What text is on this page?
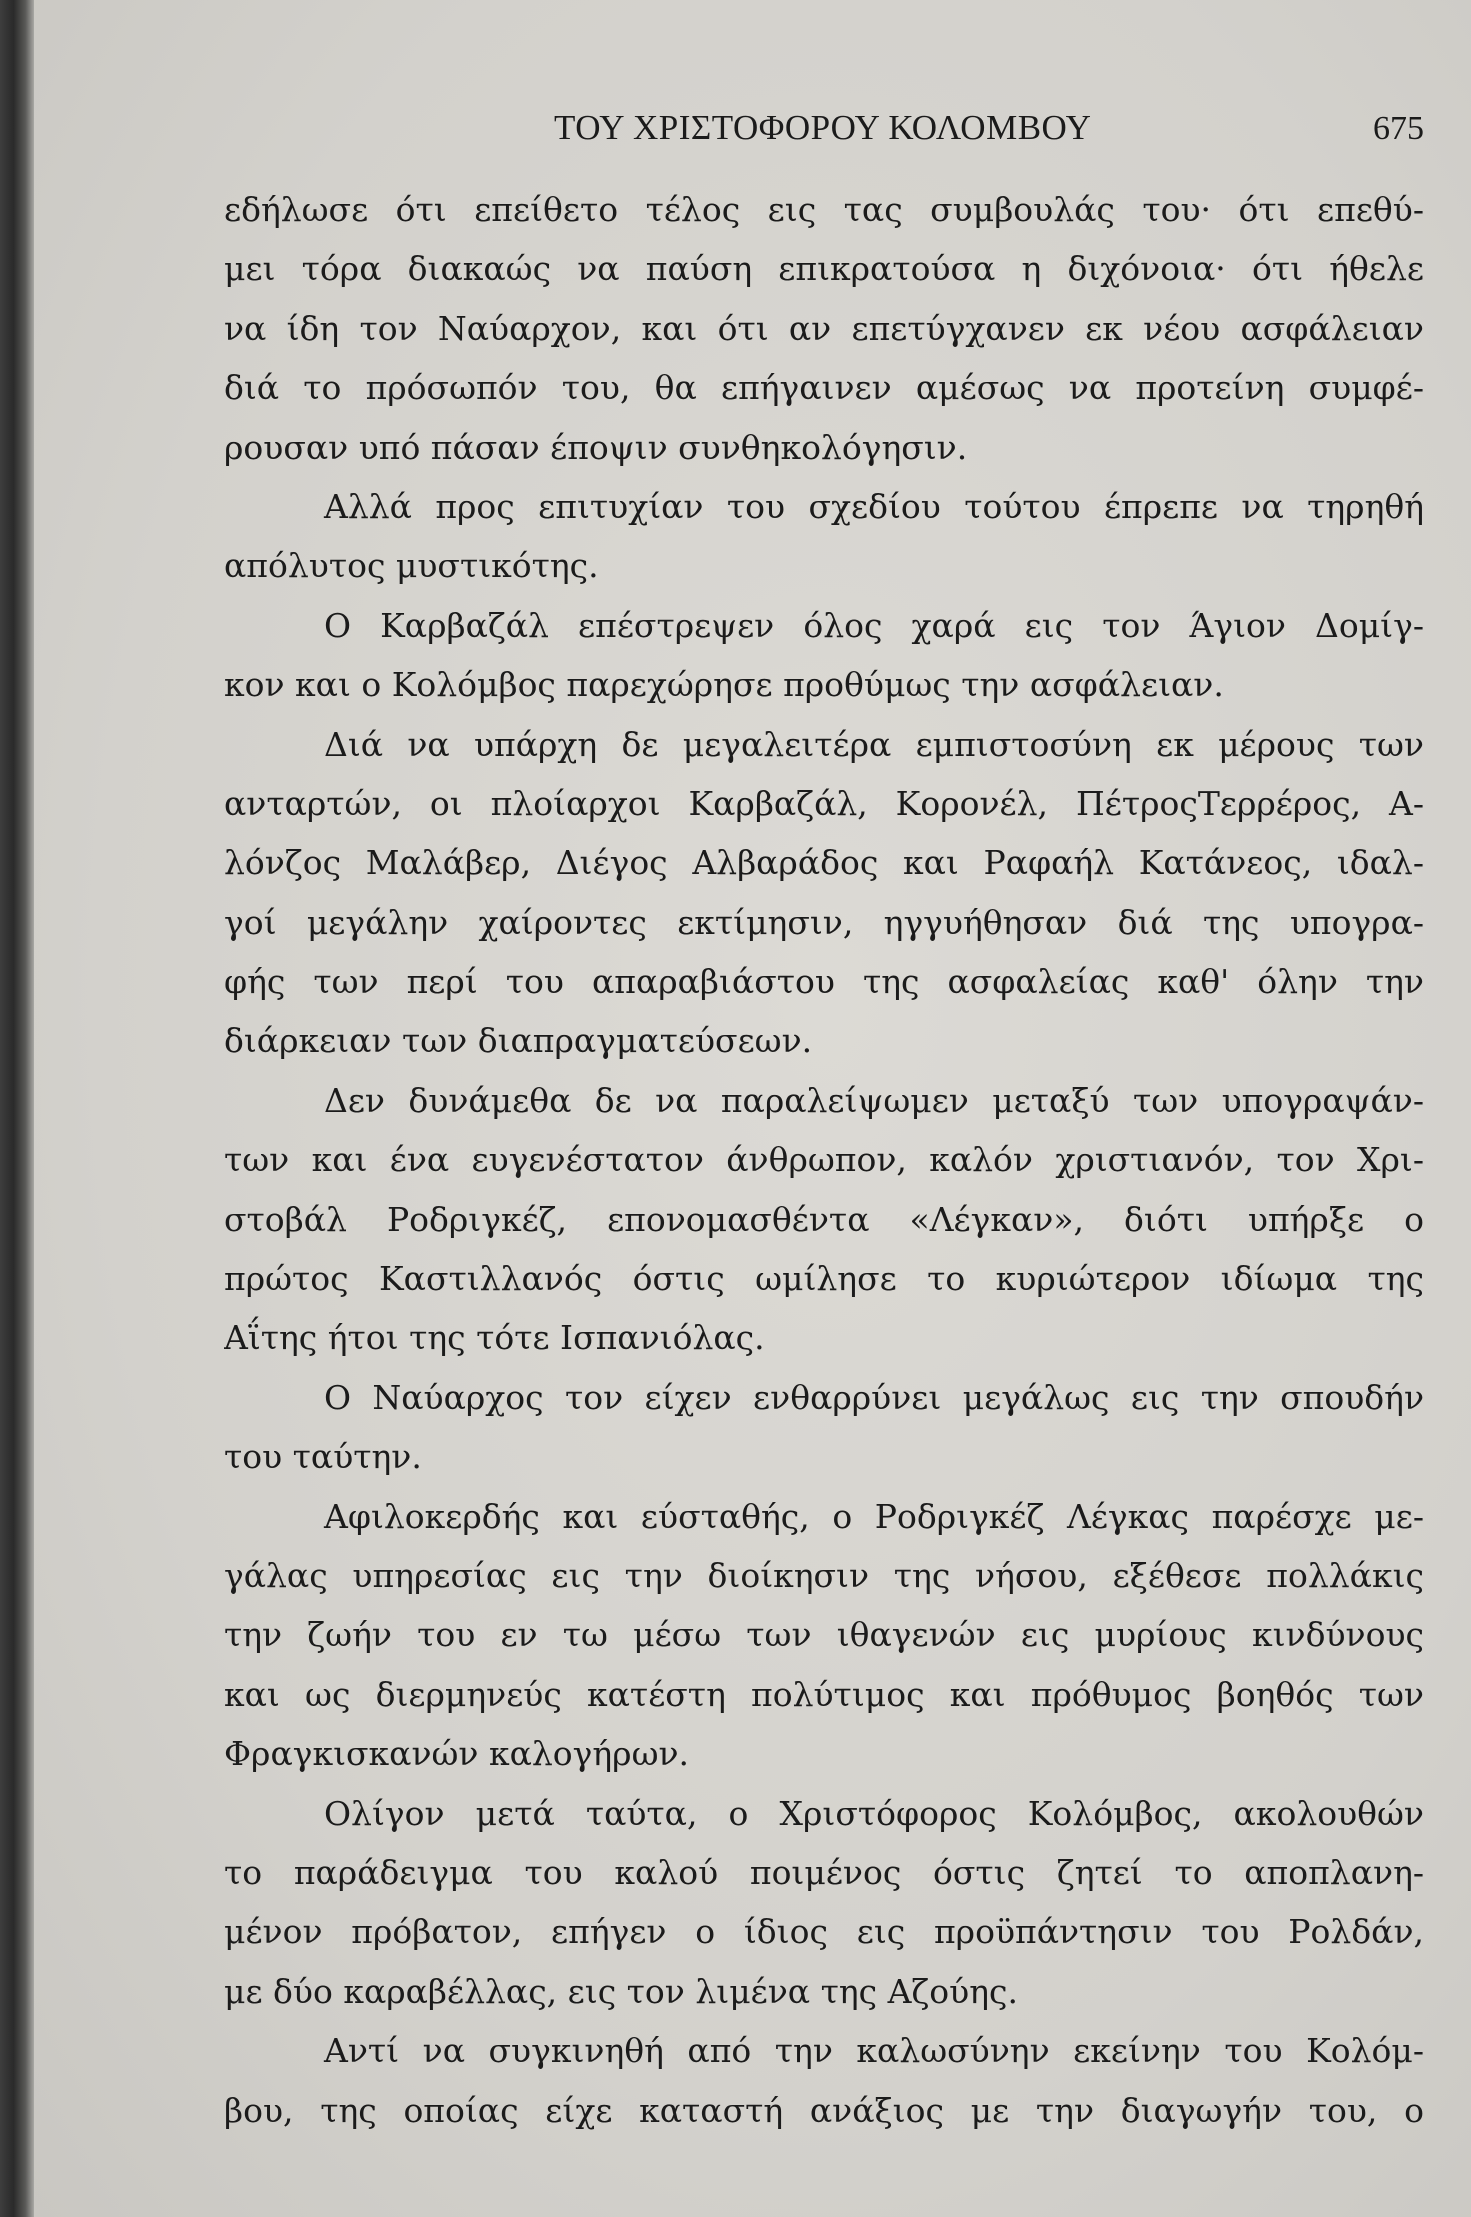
ΤΟΥ ΧΡΙΣΤΟΦΟΡΟΥ ΚΟΛΟΜΒΟΥ	675
εδήλωσε ότι επείθετο τέλος εις τας συμβουλάς του· ότι επεθύ-
μει τόρα διακαώς να παύση επικρατούσα η διχόνοια· ότι ήθελε
να ίδη τον Ναύαρχον, και ότι αν επετύγχανεν εκ νέου ασφάλειαν
διά το πρόσωπόν του, θα επήγαινεν αμέσως να προτείνη συμφέ-
ρουσαν υπό πάσαν έποψιν συνθηκολόγησιν.
Αλλά προς επιτυχίαν του σχεδίου τούτου έπρεπε να τηρηθή
απόλυτος μυστικότης.
Ο Καρβαζάλ επέστρεψεν όλος χαρά εις τον Άγιον Δομίγ-
κον και ο Κολόμβος παρεχώρησε προθύμως την ασφάλειαν.
Διά να υπάρχη δε μεγαλειτέρα εμπιστοσύνη εκ μέρους των
ανταρτών, οι πλοίαρχοι Καρβαζάλ, Κορονέλ, ΠέτροςΤερρέρος, Α-
λόνζος Μαλάβερ, Διέγος Αλβαράδος και Ραφαήλ Κατάνεος, ιδαλ-
γοί μεγάλην χαίροντες εκτίμησιν, ηγγυήθησαν διά της υπογρα-
φής των περί του απαραβιάστου της ασφαλείας καθ' όλην την
διάρκειαν των διαπραγματεύσεων.
Δεν δυνάμεθα δε να παραλείψωμεν μεταξύ των υπογραψάν-
των και ένα ευγενέστατον άνθρωπον, καλόν χριστιανόν, τον Χρι-
στοβάλ Ροδριγκέζ, επονομασθέντα «Λέγκαν», διότι υπήρξε ο
πρώτος Καστιλλανός όστις ωμίλησε το κυριώτερον ιδίωμα της
Αΐτης ήτοι της τότε Ισπανιόλας.
Ο Ναύαρχος τον είχεν ενθαρρύνει μεγάλως εις την σπουδήν
του ταύτην.
Αφιλοκερδής και εύσταθής, ο Ροδριγκέζ Λέγκας παρέσχε με-
γάλας υπηρεσίας εις την διοίκησιν της νήσου, εξέθεσε πολλάκις
την ζωήν του εν τω μέσω των ιθαγενών εις μυρίους κινδύνους
και ως διερμηνεύς κατέστη πολύτιμος και πρόθυμος βοηθός των
Φραγκισκανών καλογήρων.
Ολίγον μετά ταύτα, ο Χριστόφορος Κολόμβος, ακολουθών
το παράδειγμα του καλού ποιμένος όστις ζητεί το αποπλανη-
μένον πρόβατον, επήγεν ο ίδιος εις προϋπάντησιν του Ρολδάν,
με δύο καραβέλλας, εις τον λιμένα της Αζούης.
Αντί να συγκινηθή από την καλωσύνην εκείνην του Κολόμ-
βου, της οποίας είχε καταστή ανάξιος με την διαγωγήν του, ο
